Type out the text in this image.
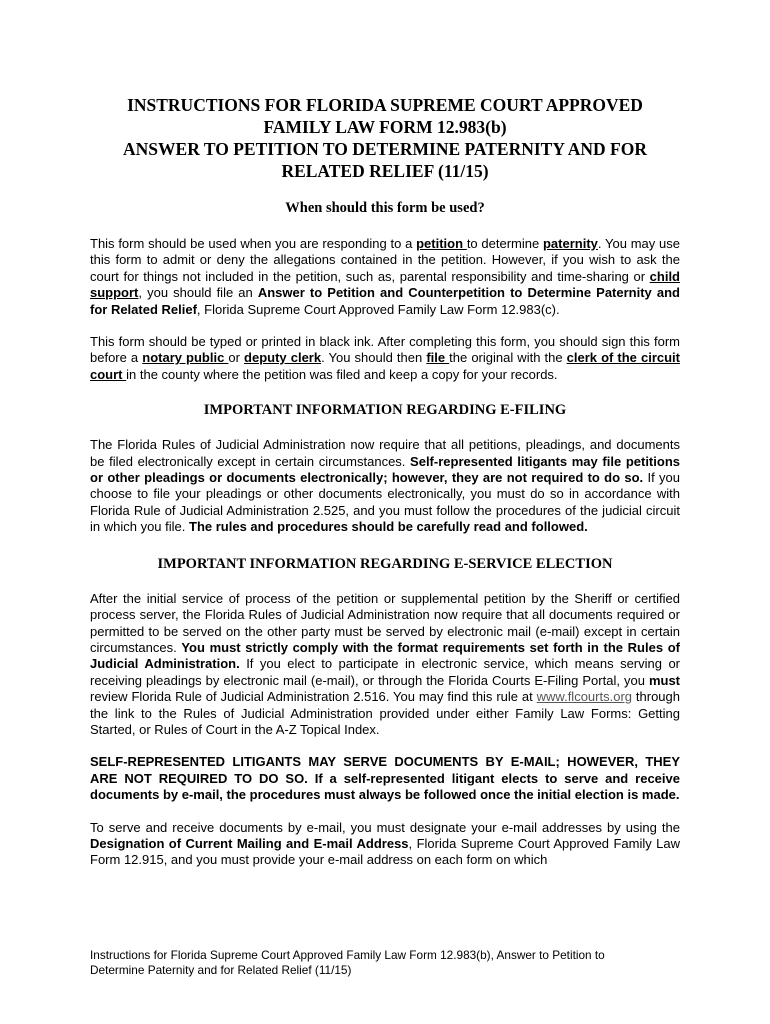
INSTRUCTIONS FOR FLORIDA SUPREME COURT APPROVED
FAMILY LAW FORM 12.983(b)
ANSWER TO PETITION TO DETERMINE PATERNITY AND FOR
RELATED RELIEF (11/15)
When should this form be used?

This form should be used when you are responding to a petition to determine paternity. You may use this form to admit or deny the allegations contained in the petition. However, if you wish to ask the court for things not included in the petition, such as, parental responsibility and time-sharing or child support, you should file an Answer to Petition and Counterpetition to Determine Paternity and for Related Relief, Florida Supreme Court Approved Family Law Form 12.983(c).

This form should be typed or printed in black ink. After completing this form, you should sign this form before a notary public or deputy clerk. You should then file the original with the clerk of the circuit court in the county where the petition was filed and keep a copy for your records.

IMPORTANT INFORMATION REGARDING E-FILING

The Florida Rules of Judicial Administration now require that all petitions, pleadings, and documents be filed electronically except in certain circumstances. Self-represented litigants may file petitions or other pleadings or documents electronically; however, they are not required to do so. If you choose to file your pleadings or other documents electronically, you must do so in accordance with Florida Rule of Judicial Administration 2.525, and you must follow the procedures of the judicial circuit in which you file. The rules and procedures should be carefully read and followed.

IMPORTANT INFORMATION REGARDING E-SERVICE ELECTION

After the initial service of process of the petition or supplemental petition by the Sheriff or certified process server, the Florida Rules of Judicial Administration now require that all documents required or permitted to be served on the other party must be served by electronic mail (e-mail) except in certain circumstances. You must strictly comply with the format requirements set forth in the Rules of Judicial Administration. If you elect to participate in electronic service, which means serving or receiving pleadings by electronic mail (e-mail), or through the Florida Courts E-Filing Portal, you must review Florida Rule of Judicial Administration 2.516. You may find this rule at www.flcourts.org through the link to the Rules of Judicial Administration provided under either Family Law Forms: Getting Started, or Rules of Court in the A-Z Topical Index.

SELF-REPRESENTED LITIGANTS MAY SERVE DOCUMENTS BY E-MAIL; HOWEVER, THEY ARE NOT REQUIRED TO DO SO. If a self-represented litigant elects to serve and receive documents by e-mail, the procedures must always be followed once the initial election is made.

To serve and receive documents by e-mail, you must designate your e-mail addresses by using the Designation of Current Mailing and E-mail Address, Florida Supreme Court Approved Family Law Form 12.915, and you must provide your e-mail address on each form on which

Instructions for Florida Supreme Court Approved Family Law Form 12.983(b), Answer to Petition to
Determine Paternity and for Related Relief (11/15)
